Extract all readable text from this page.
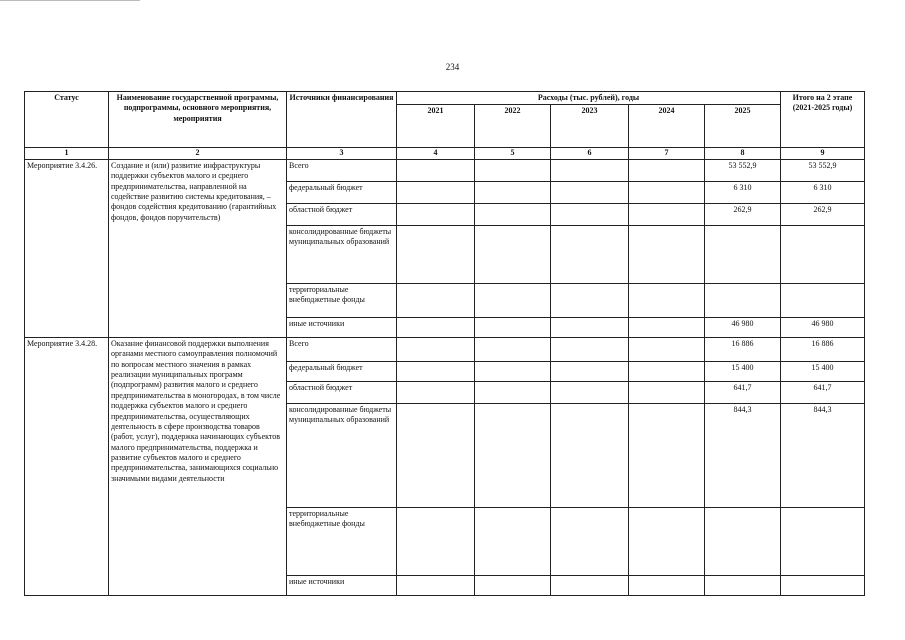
234
Статус	Наименование государственной программы, подпрограммы, основного мероприятия, мероприятия	Источники финансирования	Расходы (тыс. рублей), годы					Итого на 2 этапе (2021-2025 годы)
			2021	2022	2023	2024	2025	
1	2	3	4	5	6	7	8	9
Мероприятие 3.4.26.	Создание и (или) развитие инфраструктуры поддержки субъектов малого и среднего предпринимательства, направленной на содействие развитию системы кредитования, – фондов содействия кредитованию (гарантийных фондов, фондов поручительств)	Всего					53 552,9	53 552,9
		федеральный бюджет					6 310	6 310
		областной бюджет					262,9	262,9
		консолидированные бюджеты муниципальных образований						
		территориальные внебюджетные фонды						
		иные источники					46 980	46 980
Мероприятие 3.4.28.	Оказание финансовой поддержки выполнения органами местного самоуправления полномочий по вопросам местного значения в рамках реализации муниципальных программ (подпрограмм) развития малого и среднего предпринимательства в моногородах, в том числе поддержка субъектов малого и среднего предпринимательства, осуществляющих деятельность в сфере производства товаров (работ, услуг), поддержка начинающих субъектов малого предпринимательства, поддержка и развитие субъектов малого и среднего предпринимательства, занимающихся социально значимыми видами деятельности	Всего					16 886	16 886
		федеральный бюджет					15 400	15 400
		областной бюджет					641,7	641,7
		консолидированные бюджеты муниципальных образований					844,3	844,3
		территориальные внебюджетные фонды						
		иные источники						
